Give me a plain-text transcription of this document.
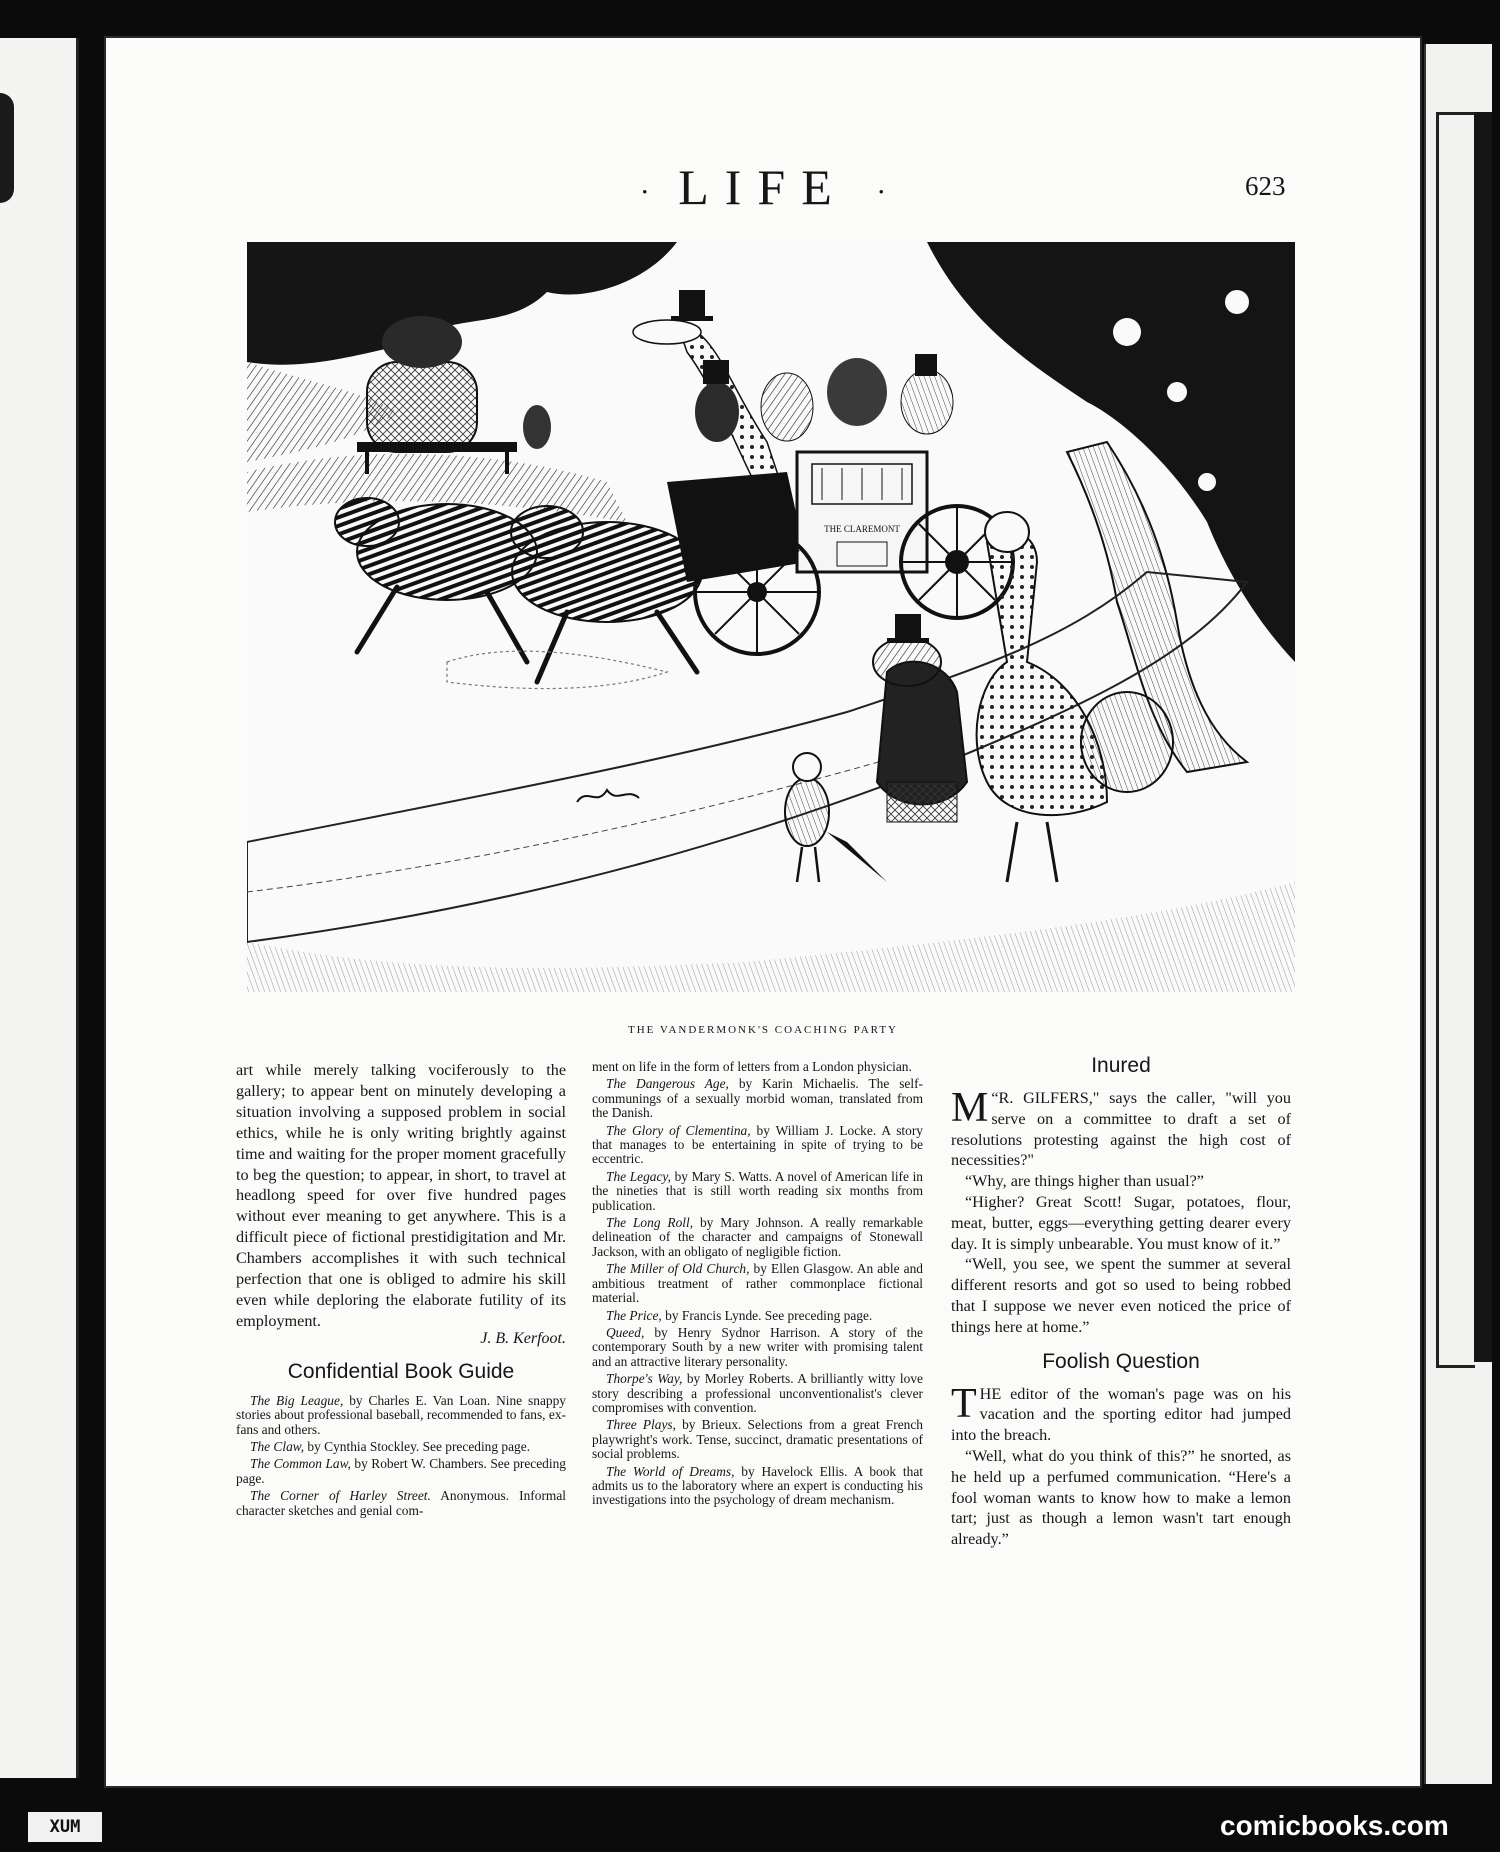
· LIFE ·	623
THE CLAREMONT
THE VANDERMONK'S COACHING PARTY

art while merely talking vociferously to the gallery; to appear bent on minutely developing a situation involving a supposed problem in social ethics, while he is only writing brightly against time and waiting for the proper moment gracefully to beg the question; to appear, in short, to travel at headlong speed for over five hundred pages without ever meaning to get anywhere. This is a difficult piece of fictional prestidigitation and Mr. Chambers accomplishes it with such technical perfection that one is obliged to admire his skill even while deploring the elaborate futility of its employment.

J. B. Kerfoot.
Confidential Book Guide

The Big League, by Charles E. Van Loan. Nine snappy stories about professional baseball, recommended to fans, ex-fans and others.

The Claw, by Cynthia Stockley. See preceding page.

The Common Law, by Robert W. Chambers. See preceding page.

The Corner of Harley Street. Anonymous. Informal character sketches and genial com-

ment on life in the form of letters from a London physician.

The Dangerous Age, by Karin Michaelis. The self-communings of a sexually morbid woman, translated from the Danish.

The Glory of Clementina, by William J. Locke. A story that manages to be entertaining in spite of trying to be eccentric.

The Legacy, by Mary S. Watts. A novel of American life in the nineties that is still worth reading six months from publication.

The Long Roll, by Mary Johnson. A really remarkable delineation of the character and campaigns of Stonewall Jackson, with an obligato of negligible fiction.

The Miller of Old Church, by Ellen Glasgow. An able and ambitious treatment of rather commonplace fictional material.

The Price, by Francis Lynde. See preceding page.

Queed, by Henry Sydnor Harrison. A story of the contemporary South by a new writer with promising talent and an attractive literary personality.

Thorpe's Way, by Morley Roberts. A brilliantly witty love story describing a professional unconventionalist's clever compromises with convention.

Three Plays, by Brieux. Selections from a great French playwright's work. Tense, succinct, dramatic presentations of social problems.

The World of Dreams, by Havelock Ellis. A book that admits us to the laboratory where an expert is conducting his investigations into the psychology of dream mechanism.

Inured

“
M R. GILFERS," says the caller, "will you serve on a committee to draft a set of resolutions protesting against the high cost of necessities?"

“Why, are things higher than usual?”

“Higher? Great Scott! Sugar, potatoes, flour, meat, butter, eggs—everything getting dearer every day. It is simply unbearable. You must know of it.”

“Well, you see, we spent the summer at several different resorts and got so used to being robbed that I suppose we never even noticed the price of things here at home.”

Foolish Question

THE editor of the woman's page was on his vacation and the sporting editor had jumped into the breach.

“Well, what do you think of this?” he snorted, as he held up a perfumed communication. “Here's a fool woman wants to know how to make a lemon tart; just as though a lemon wasn't tart enough already.”

XUM	comicbooks.com
